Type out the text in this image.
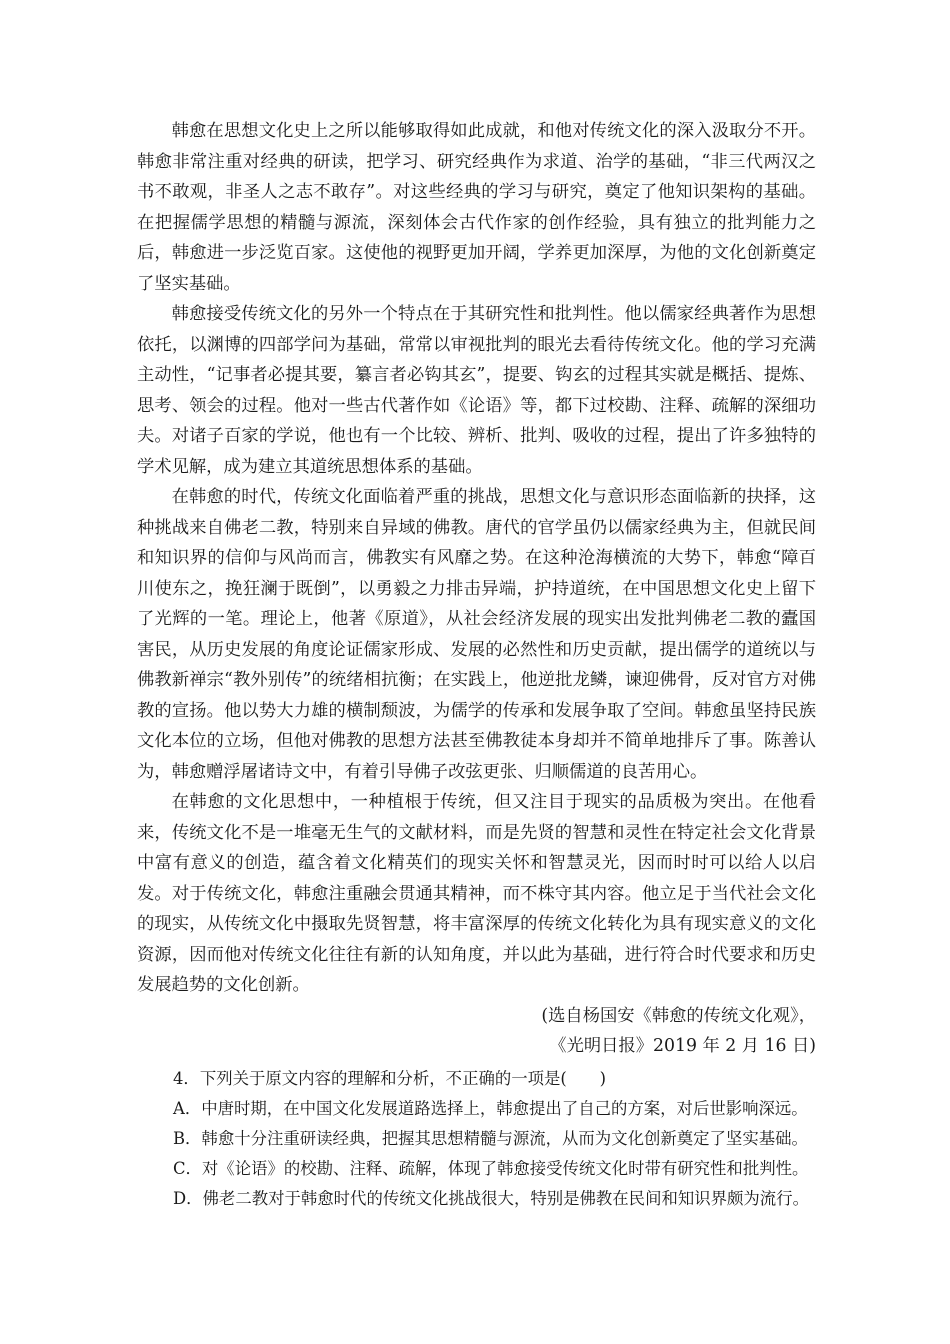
韩愈在思想文化史上之所以能够取得如此成就，和他对传统文化的深入汲取分不开。韩愈非常注重对经典的研读，把学习、研究经典作为求道、治学的基础，“非三代两汉之书不敢观，非圣人之志不敢存”。对这些经典的学习与研究，奠定了他知识架构的基础。在把握儒学思想的精髓与源流，深刻体会古代作家的创作经验，具有独立的批判能力之后，韩愈进一步泛览百家。这使他的视野更加开阔，学养更加深厚，为他的文化创新奠定了坚实基础。

韩愈接受传统文化的另外一个特点在于其研究性和批判性。他以儒家经典著作为思想依托，以渊博的四部学问为基础，常常以审视批判的眼光去看待传统文化。他的学习充满主动性，“记事者必提其要，纂言者必钩其玄”，提要、钩玄的过程其实就是概括、提炼、思考、领会的过程。他对一些古代著作如《论语》等，都下过校勘、注释、疏解的深细功夫。对诸子百家的学说，他也有一个比较、辨析、批判、吸收的过程，提出了许多独特的学术见解，成为建立其道统思想体系的基础。

在韩愈的时代，传统文化面临着严重的挑战，思想文化与意识形态面临新的抉择，这种挑战来自佛老二教，特别来自异域的佛教。唐代的官学虽仍以儒家经典为主，但就民间和知识界的信仰与风尚而言，佛教实有风靡之势。在这种沧海横流的大势下，韩愈“障百川使东之，挽狂澜于既倒”，以勇毅之力排击异端，护持道统，在中国思想文化史上留下了光辉的一笔。理论上，他著《原道》，从社会经济发展的现实出发批判佛老二教的蠹国害民，从历史发展的角度论证儒家形成、发展的必然性和历史贡献，提出儒学的道统以与佛教新禅宗“教外别传”的统绪相抗衡；在实践上，他逆批龙鳞，谏迎佛骨，反对官方对佛教的宣扬。他以势大力雄的横制颓波，为儒学的传承和发展争取了空间。韩愈虽坚持民族文化本位的立场，但他对佛教的思想方法甚至佛教徒本身却并不简单地排斥了事。陈善认为，韩愈赠浮屠诸诗文中，有着引导佛子改弦更张、归顺儒道的良苦用心。

在韩愈的文化思想中，一种植根于传统，但又注目于现实的品质极为突出。在他看来，传统文化不是一堆毫无生气的文献材料，而是先贤的智慧和灵性在特定社会文化背景中富有意义的创造，蕴含着文化精英们的现实关怀和智慧灵光，因而时时可以给人以启发。对于传统文化，韩愈注重融会贯通其精神，而不株守其内容。他立足于当代社会文化的现实，从传统文化中摄取先贤智慧，将丰富深厚的传统文化转化为具有现实意义的文化资源，因而他对传统文化往往有新的认知角度，并以此为基础，进行符合时代要求和历史发展趋势的文化创新。

(选自杨国安《韩愈的传统文化观》，

《光明日报》2019 年 2 月 16 日)

4．下列关于原文内容的理解和分析，不正确的一项是(　　)

A．中唐时期，在中国文化发展道路选择上，韩愈提出了自己的方案，对后世影响深远。

B．韩愈十分注重研读经典，把握其思想精髓与源流，从而为文化创新奠定了坚实基础。

C．对《论语》的校勘、注释、疏解，体现了韩愈接受传统文化时带有研究性和批判性。

D．佛老二教对于韩愈时代的传统文化挑战很大，特别是佛教在民间和知识界颇为流行。
